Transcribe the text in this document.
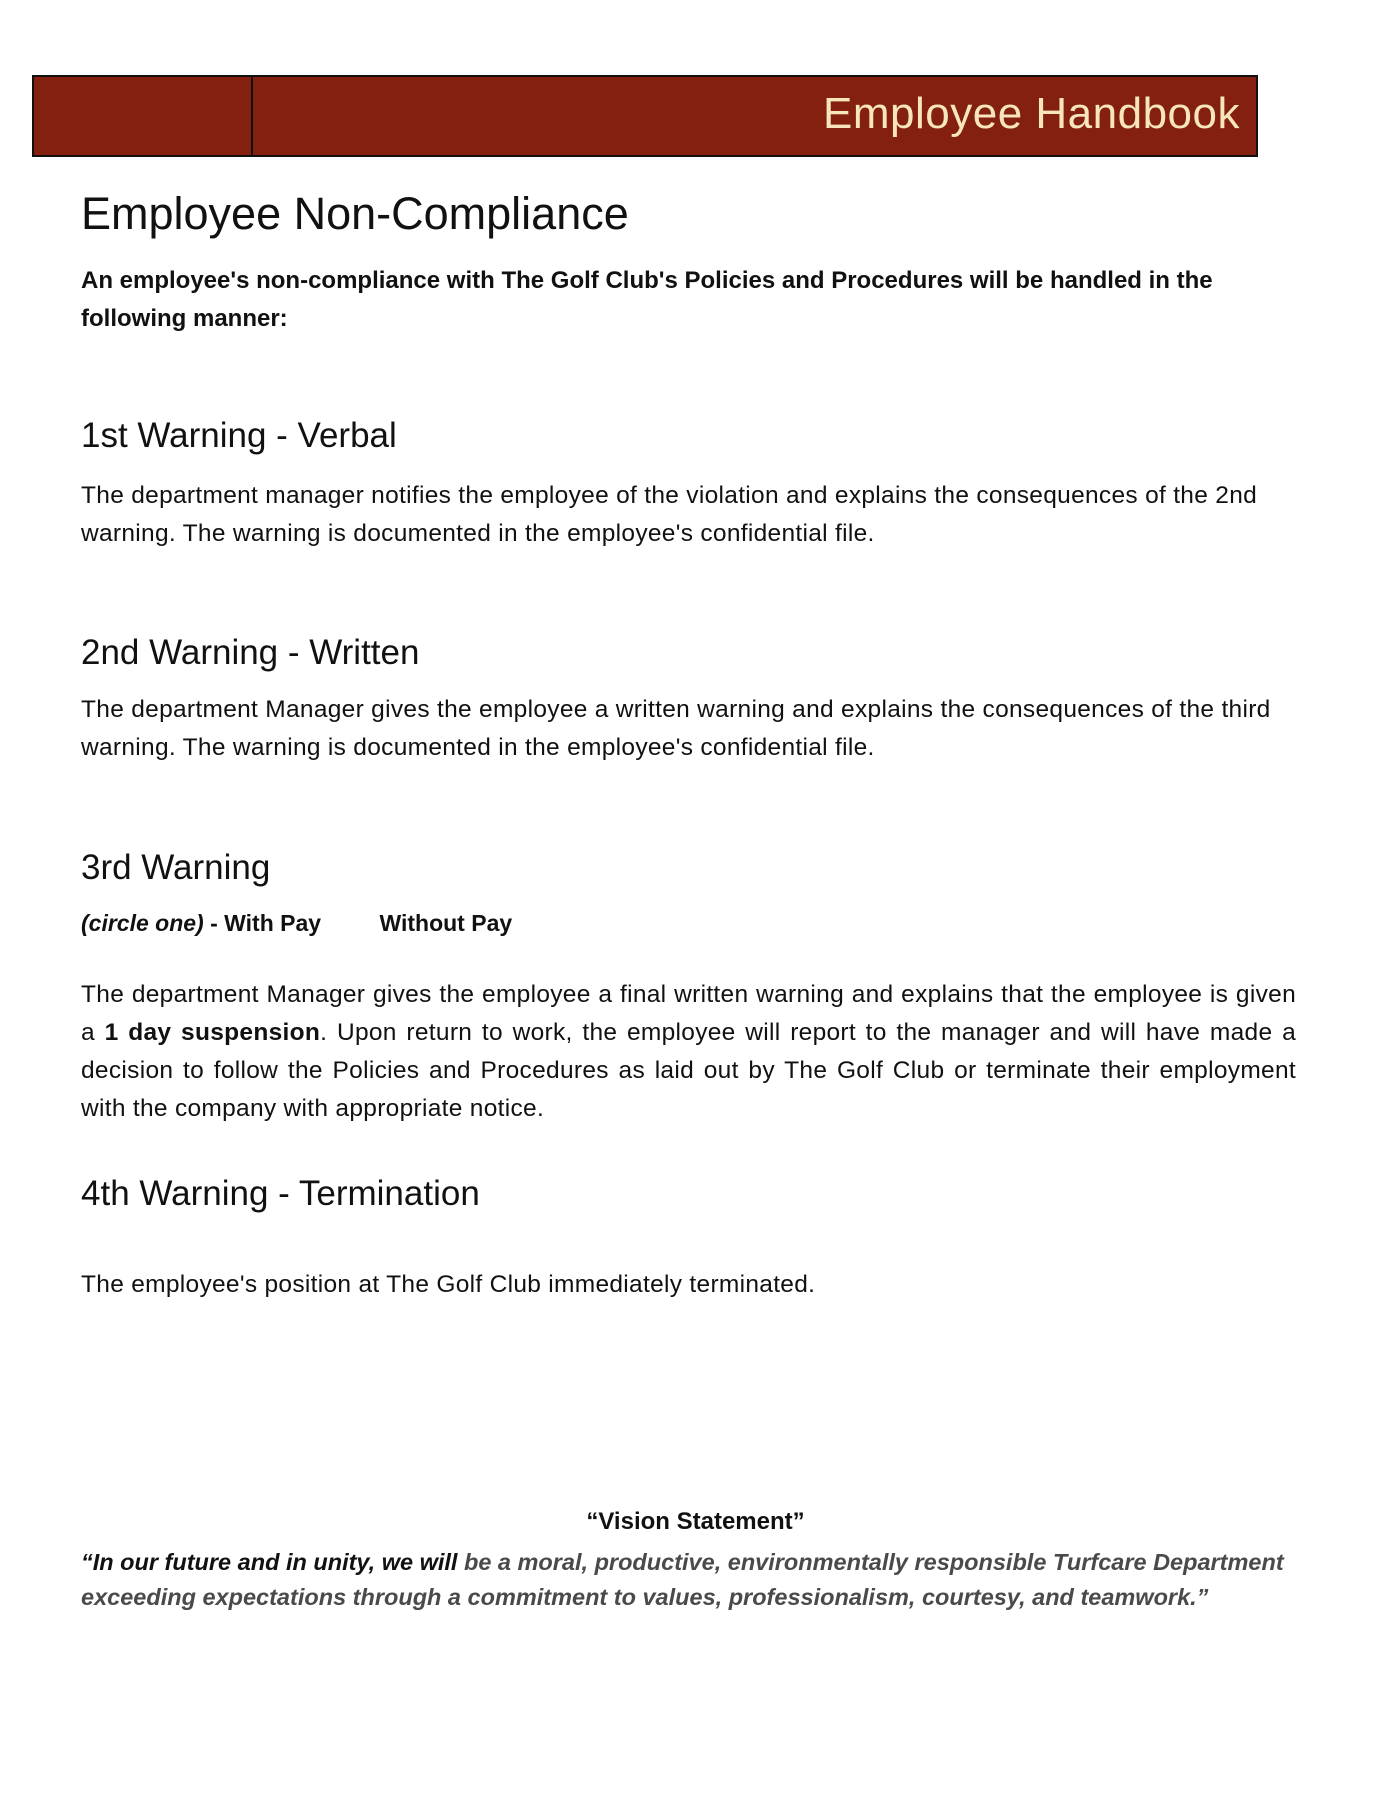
Employee Handbook
Employee Non-Compliance
An employee's non-compliance with The Golf Club's Policies and Procedures will be handled in the following manner:
1st Warning - Verbal
The department manager notifies the employee of the violation and explains the consequences of the 2nd warning. The warning is documented in the employee's confidential file.
2nd Warning - Written
The department Manager gives the employee a written warning and explains the consequences of the third warning. The warning is documented in the employee's confidential file.
3rd Warning
(circle one) - With Pay	Without Pay
The department Manager gives the employee a final written warning and explains that the employee is given a 1 day suspension. Upon return to work, the employee will report to the manager and will have made a decision to follow the Policies and Procedures as laid out by The Golf Club or terminate their employment with the company with appropriate notice.
4th Warning - Termination
The employee's position at The Golf Club immediately terminated.
“Vision Statement”
“In our future and in unity, we will be a moral, productive, environmentally responsible Turfcare Department exceeding expectations through a commitment to values, professionalism, courtesy, and teamwork.”
